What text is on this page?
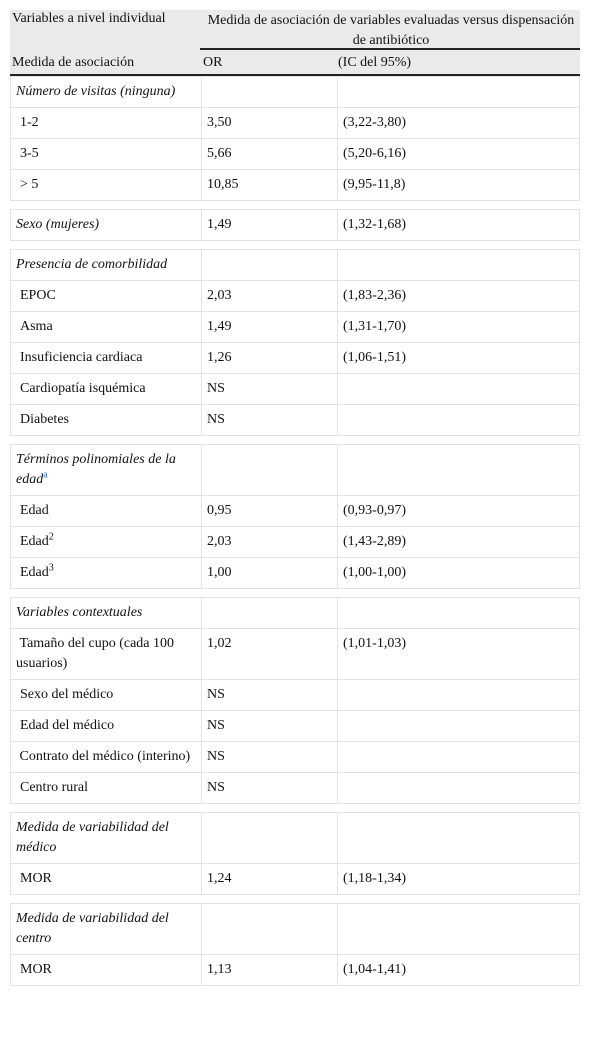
Variables a nivel individual	Medida de asociación de variables evaluadas versus dispensación de antibiótico
Medida de asociación	OR	(IC del 95%)
Número de visitas (ninguna)		
1-2	3,50	(3,22-3,80)
3-5	5,66	(5,20-6,16)
> 5	10,85	(9,95-11,8)

Sexo (mujeres)	1,49	(1,32-1,68)

Presencia de comorbilidad		
EPOC	2,03	(1,83-2,36)
Asma	1,49	(1,31-1,70)
Insuficiencia cardiaca	1,26	(1,06-1,51)
Cardiopatía isquémica	NS	
Diabetes	NS	

Términos polinomiales de la edad$^a$		
Edad	0,95	(0,93-0,97)
Edad$^2$	2,03	(1,43-2,89)
Edad$^3$	1,00	(1,00-1,00)

Variables contextuales		
Tamaño del cupo (cada 100 usuarios)	1,02	(1,01-1,03)
Sexo del médico	NS	
Edad del médico	NS	
Contrato del médico (interino)	NS	
Centro rural	NS	

Medida de variabilidad del médico		
MOR	1,24	(1,18-1,34)

Medida de variabilidad del centro		
MOR	1,13	(1,04-1,41)
